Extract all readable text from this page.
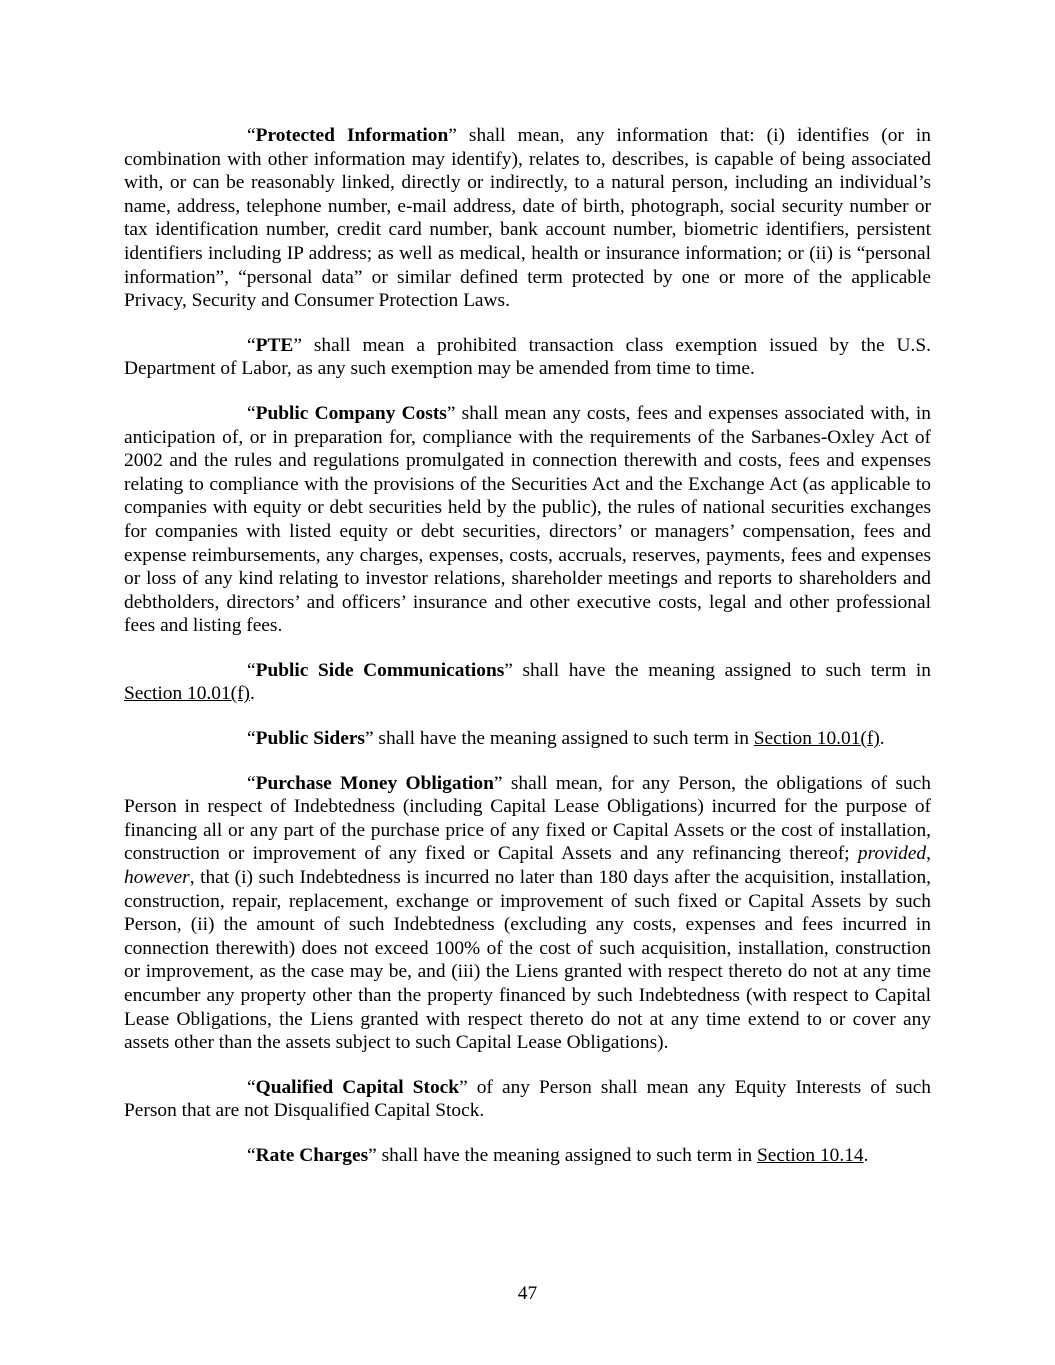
“Protected Information” shall mean, any information that: (i) identifies (or in combination with other information may identify), relates to, describes, is capable of being associated with, or can be reasonably linked, directly or indirectly, to a natural person, including an individual’s name, address, telephone number, e-mail address, date of birth, photograph, social security number or tax identification number, credit card number, bank account number, biometric identifiers, persistent identifiers including IP address; as well as medical, health or insurance information; or (ii) is “personal information”, “personal data” or similar defined term protected by one or more of the applicable Privacy, Security and Consumer Protection Laws.

“PTE” shall mean a prohibited transaction class exemption issued by the U.S. Department of Labor, as any such exemption may be amended from time to time.

“Public Company Costs” shall mean any costs, fees and expenses associated with, in anticipation of, or in preparation for, compliance with the requirements of the Sarbanes-Oxley Act of 2002 and the rules and regulations promulgated in connection therewith and costs, fees and expenses relating to compliance with the provisions of the Securities Act and the Exchange Act (as applicable to companies with equity or debt securities held by the public), the rules of national securities exchanges for companies with listed equity or debt securities, directors’ or managers’ compensation, fees and expense reimbursements, any charges, expenses, costs, accruals, reserves, payments, fees and expenses or loss of any kind relating to investor relations, shareholder meetings and reports to shareholders and debtholders, directors’ and officers’ insurance and other executive costs, legal and other professional fees and listing fees.

“Public Side Communications” shall have the meaning assigned to such term in Section 10.01(f).

“Public Siders” shall have the meaning assigned to such term in Section 10.01(f).

“Purchase Money Obligation” shall mean, for any Person, the obligations of such Person in respect of Indebtedness (including Capital Lease Obligations) incurred for the purpose of financing all or any part of the purchase price of any fixed or Capital Assets or the cost of installation, construction or improvement of any fixed or Capital Assets and any refinancing thereof; provided, however, that (i) such Indebtedness is incurred no later than 180 days after the acquisition, installation, construction, repair, replacement, exchange or improvement of such fixed or Capital Assets by such Person, (ii) the amount of such Indebtedness (excluding any costs, expenses and fees incurred in connection therewith) does not exceed 100% of the cost of such acquisition, installation, construction or improvement, as the case may be, and (iii) the Liens granted with respect thereto do not at any time encumber any property other than the property financed by such Indebtedness (with respect to Capital Lease Obligations, the Liens granted with respect thereto do not at any time extend to or cover any assets other than the assets subject to such Capital Lease Obligations).

“Qualified Capital Stock” of any Person shall mean any Equity Interests of such Person that are not Disqualified Capital Stock.

“Rate Charges” shall have the meaning assigned to such term in Section 10.14.

47
